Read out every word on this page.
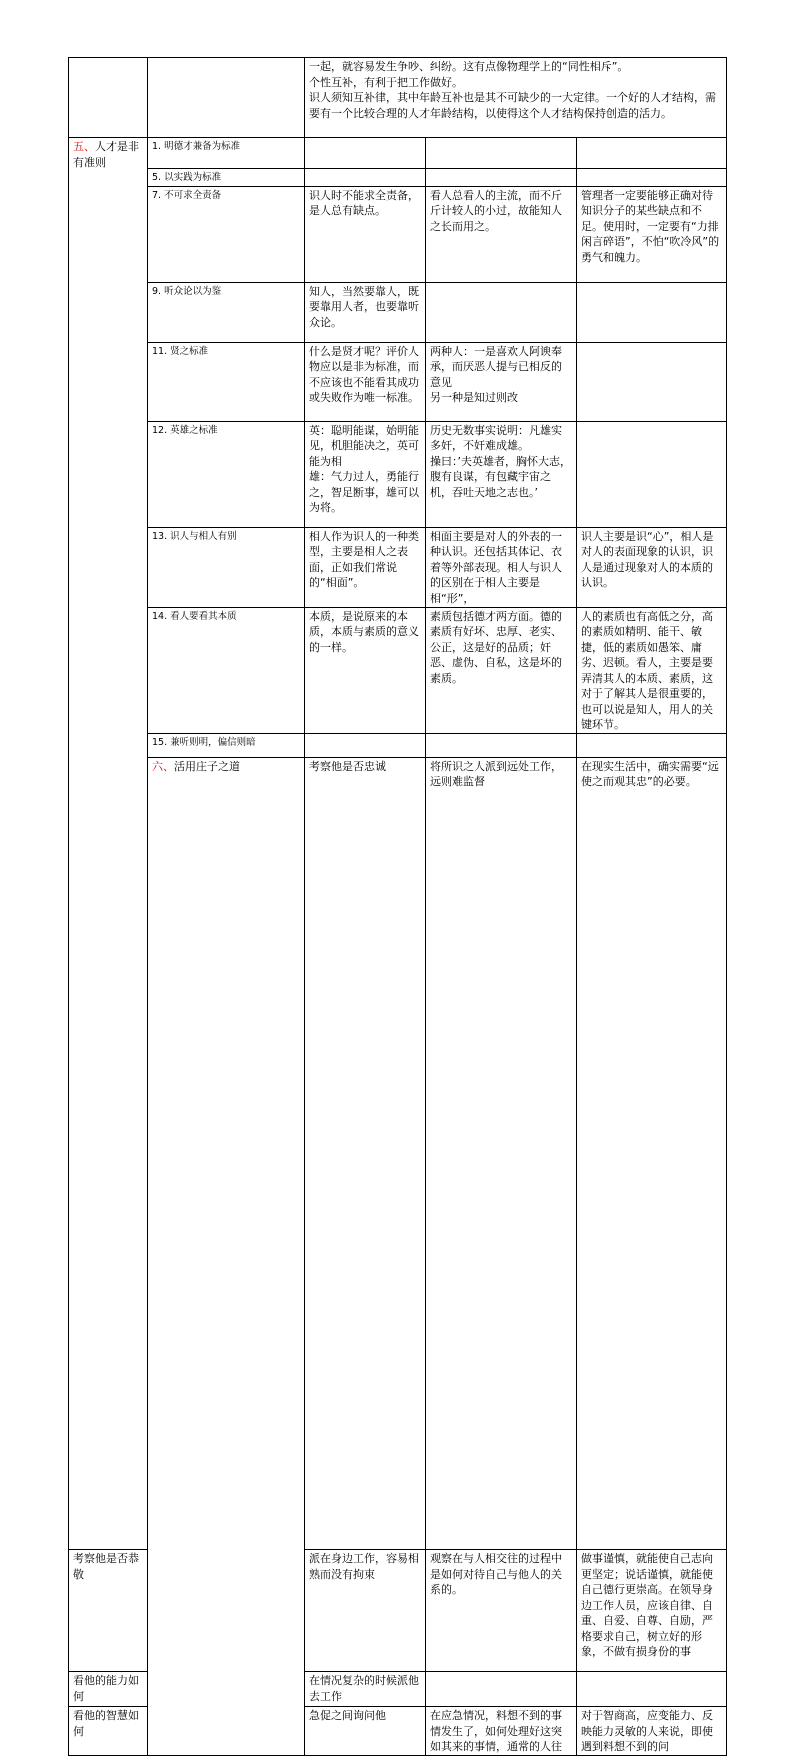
		一起，就容易发生争吵、纠纷。这有点像物理学上的“同性相斥”。
个性互补，有利于把工作做好。
识人须知互补律，其中年龄互补也是其不可缺少的一大定律。一个好的人才结构，需要有一个比较合理的人才年龄结构，以使得这个人才结构保持创造的活力。			

五、人才是非有准则	1. 明德才兼备为标准				
	5. 以实践为标准				
	7. 不可求全责备	识人时不能求全责备，是人总有缺点。	看人总看人的主流，而不斤斤计较人的小过，故能知人之长而用之。	管理者一定要能够正确对待知识分子的某些缺点和不足。使用时，一定要有“力排闲言碎语”，不怕“吹冷风”的勇气和魄力。	
	9. 听众论以为鉴	知人，当然要靠人，既要靠用人者，也要靠听众论。			
	11. 贤之标准	什么是贤才呢？评价人物应以是非为标准，而不应该也不能看其成功或失败作为唯一标准。	两种人：一是喜欢人阿谀奉承，而厌恶人提与已相反的意见
另一种是知过则改		

	12. 英雄之标准	英：聪明能谋，始明能见，机胆能决之，英可能为相
雄：气力过人，勇能行之，智足断事，雄可以为将。	历史无数事实说明：凡雄实多奸，不奸难成雄。
操曰：’夫英雄者，胸怀大志，腹有良谋，有包藏宇宙之机，吞吐天地之志也。’		

	13. 识人与相人有别	相人作为识人的一种类型，主要是相人之表面，正如我们常说的“相面”。	相面主要是对人的外表的一种认识。还包括其体记、衣着等外部表现。相人与识人的区别在于相人主要是相“形”，	识人主要是识“心”，相人是对人的表面现象的认识，识人是通过现象对人的本质的认识。	
	14. 看人要看其本质	本质，是说原来的本质，本质与素质的意义的一样。	素质包括德才两方面。德的素质有好坏、忠厚、老实、公正，这是好的品质；奸恶、虚伪、自私，这是坏的素质。	人的素质也有高低之分，高的素质如精明、能干、敏捷，低的素质如愚笨、庸劣、迟顿。看人，主要是要弄清其人的本质、素质，这对于了解其人是很重要的，也可以说是知人，用人的关键环节。	
	15. 兼听则明，偏信则暗				
	六、活用庄子之道	考察他是否忠诚	将所识之人派到远处工作，远则难监督	在现实生活中，确实需要“远使之而观其忠”的必要。	

考察他是否恭敬		派在身边工作，容易相熟而没有拘束	观察在与人相交往的过程中是如何对待自己与他人的关系的。	做事谨慎，就能使自己志向更坚定；说话谨慎，就能使自己德行更崇高。在领导身边工作人员，应该自律、自重、自爱、自尊、自励，严格要求自己，树立好的形象，不做有损身份的事	
看他的能力如何		在情况复杂的时候派他去工作			
看他的智慧如何		急促之间询问他	在应急情况，料想不到的事情发生了，如何处理好这突如其来的事情，通常的人往	对于智商高，应变能力、反映能力灵敏的人来说，即使遇到料想不到的问	
